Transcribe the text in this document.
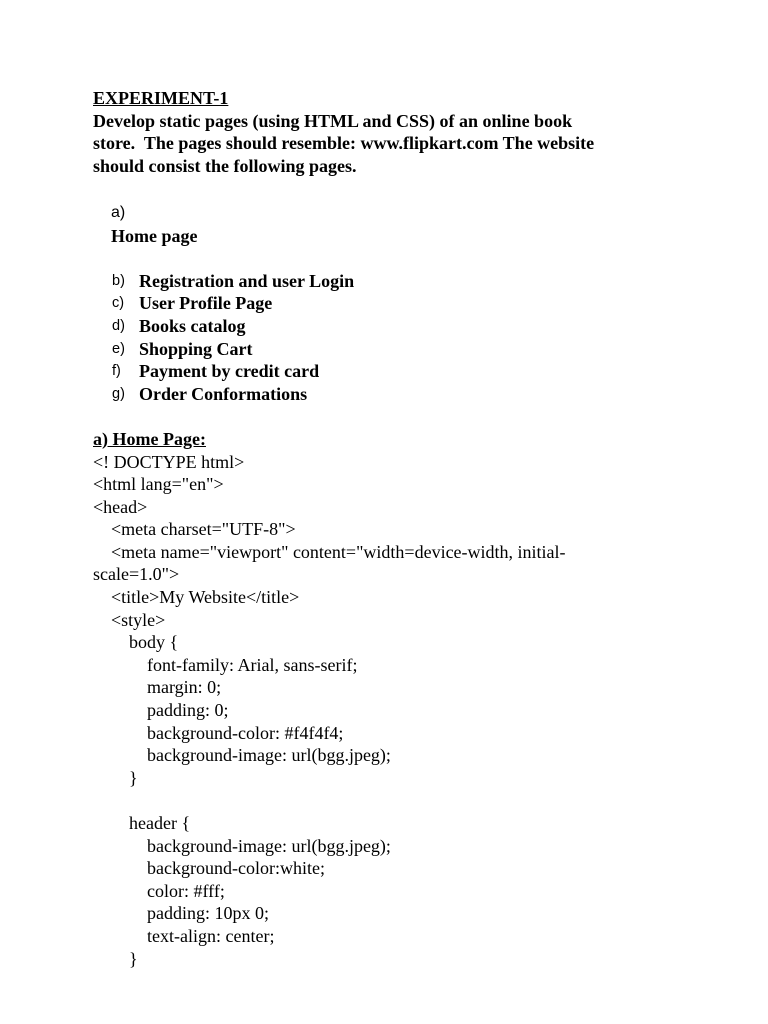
EXPERIMENT-1
Develop static pages (using HTML and CSS) of an online book
store.  The pages should resemble: www.flipkart.com The website
should consist the following pages.

a)
Home page

b) Registration and user Login
c) User Profile Page
d) Books catalog
e) Shopping Cart
f)	Payment by credit card
g) Order Conformations
a) Home Page:
<! DOCTYPE html>
<html lang="en">
<head>
<meta charset="UTF-8">
<meta name="viewport" content="width=device-width, initial-
scale=1.0">
<title>My Website</title>
<style>
body {
font-family: Arial, sans-serif;
margin: 0;
padding: 0;
background-color: #f4f4f4;
background-image: url(bgg.jpeg);
}
header {
background-image: url(bgg.jpeg);
background-color:white;
color: #fff;
padding: 10px 0;
text-align: center;
}
